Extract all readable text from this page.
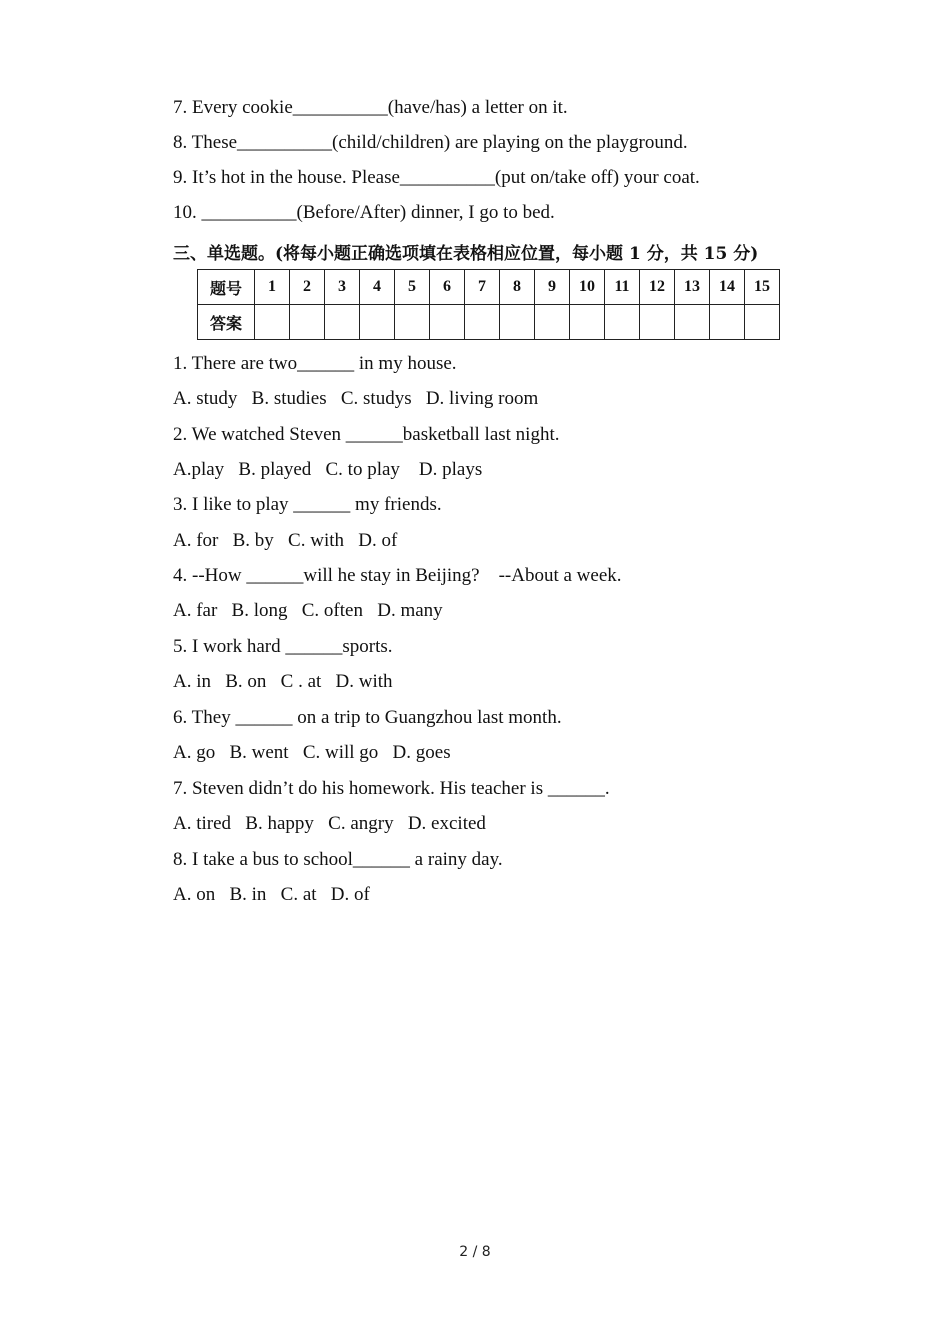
7. Every cookie__________(have/has) a letter on it.
8. These__________(child/children) are playing on the playground.
9. It’s hot in the house. Please__________(put on/take off) your coat.
10. __________(Before/After) dinner, I go to bed.
三、单选题。(将每小题正确选项填在表格相应位置，每小题 1 分，共 15 分)
题号	1	2	3	4	5	6	7	8	9	10	11	12	13	14	15
答案															
1. There are two______ in my house.
A. study   B. studies   C. studys   D. living room
2. We watched Steven ______basketball last night.
A.play   B. played   C. to play    D. plays
3. I like to play ______ my friends.
A. for   B. by   C. with   D. of
4. --How ______will he stay in Beijing?    --About a week.
A. far   B. long   C. often   D. many
5. I work hard ______sports.
A. in   B. on   C . at   D. with
6. They ______ on a trip to Guangzhou last month.
A. go   B. went   C. will go   D. goes
7. Steven didn’t do his homework. His teacher is ______.
A. tired   B. happy   C. angry   D. excited
8. I take a bus to school______ a rainy day.
A. on   B. in   C. at   D. of
2 / 8
